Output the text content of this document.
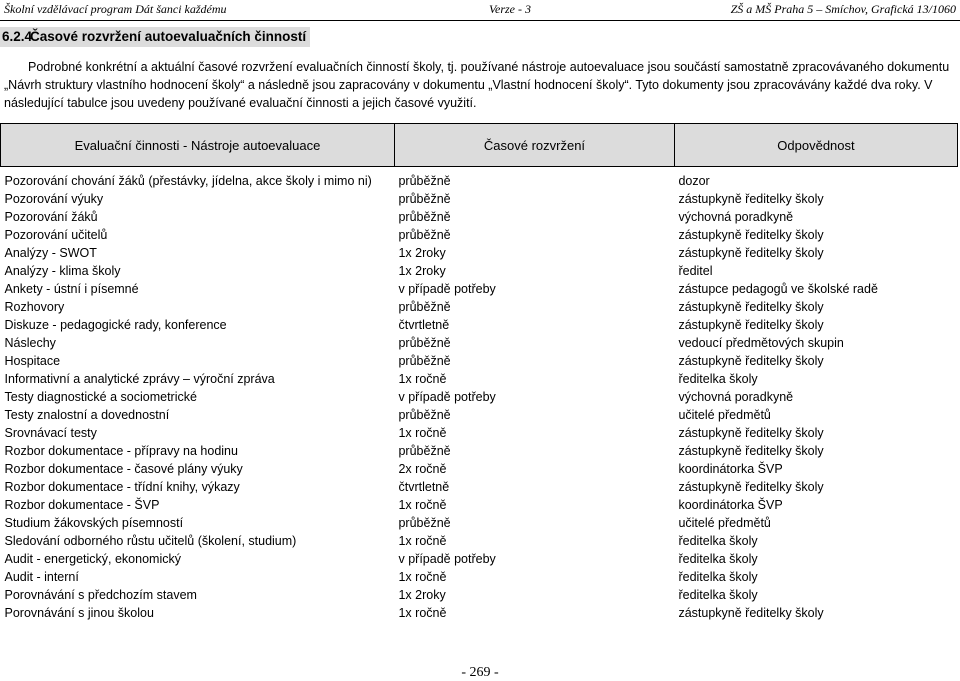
Školní vzdělávací program Dát šanci každému	Verze - 3	ZŠ a MŠ Praha 5 – Smíchov, Grafická 13/1060
6.2.4Časové rozvržení autoevaluačních činností

Podrobné konkrétní a aktuální časové rozvržení evaluačních činností školy, tj. používané nástroje autoevaluace jsou součástí samostatně zpracovávaného dokumentu „Návrh struktury vlastního hodnocení školy“ a následně jsou zapracovány v dokumentu „Vlastní hodnocení školy“. Tyto dokumenty jsou zpracovávány každé dva roky. V následující tabulce jsou uvedeny používané evaluační činnosti a jejich časové využití.

Evaluační činnosti - Nástroje autoevaluace	Časové rozvržení	Odpovědnost
Pozorování chování žáků (přestávky, jídelna, akce školy i mimo ni)	průběžně	dozor
Pozorování výuky	průběžně	zástupkyně ředitelky školy
Pozorování žáků	průběžně	výchovná poradkyně
Pozorování učitelů	průběžně	zástupkyně ředitelky školy
Analýzy - SWOT	1x 2roky	zástupkyně ředitelky školy
Analýzy - klima školy	1x 2roky	ředitel
Ankety - ústní i písemné	v případě potřeby	zástupce pedagogů ve školské radě
Rozhovory	průběžně	zástupkyně ředitelky školy
Diskuze - pedagogické rady, konference	čtvrtletně	zástupkyně ředitelky školy
Náslechy	průběžně	vedoucí předmětových skupin
Hospitace	průběžně	zástupkyně ředitelky školy
Informativní a analytické zprávy – výroční zpráva	1x ročně	ředitelka školy
Testy diagnostické a sociometrické	v případě potřeby	výchovná poradkyně
Testy znalostní a dovednostní	průběžně	učitelé předmětů
Srovnávací testy	1x ročně	zástupkyně ředitelky školy
Rozbor dokumentace - přípravy na hodinu	průběžně	zástupkyně ředitelky školy
Rozbor dokumentace - časové plány výuky	2x ročně	koordinátorka ŠVP
Rozbor dokumentace - třídní knihy, výkazy	čtvrtletně	zástupkyně ředitelky školy
Rozbor dokumentace - ŠVP	1x ročně	koordinátorka ŠVP
Studium žákovských písemností	průběžně	učitelé předmětů
Sledování odborného růstu učitelů (školení, studium)	1x ročně	ředitelka školy
Audit - energetický, ekonomický	v případě potřeby	ředitelka školy
Audit - interní	1x ročně	ředitelka školy
Porovnávání s předchozím stavem	1x 2roky	ředitelka školy
Porovnávání s jinou školou	1x ročně	zástupkyně ředitelky školy
- 269 -
